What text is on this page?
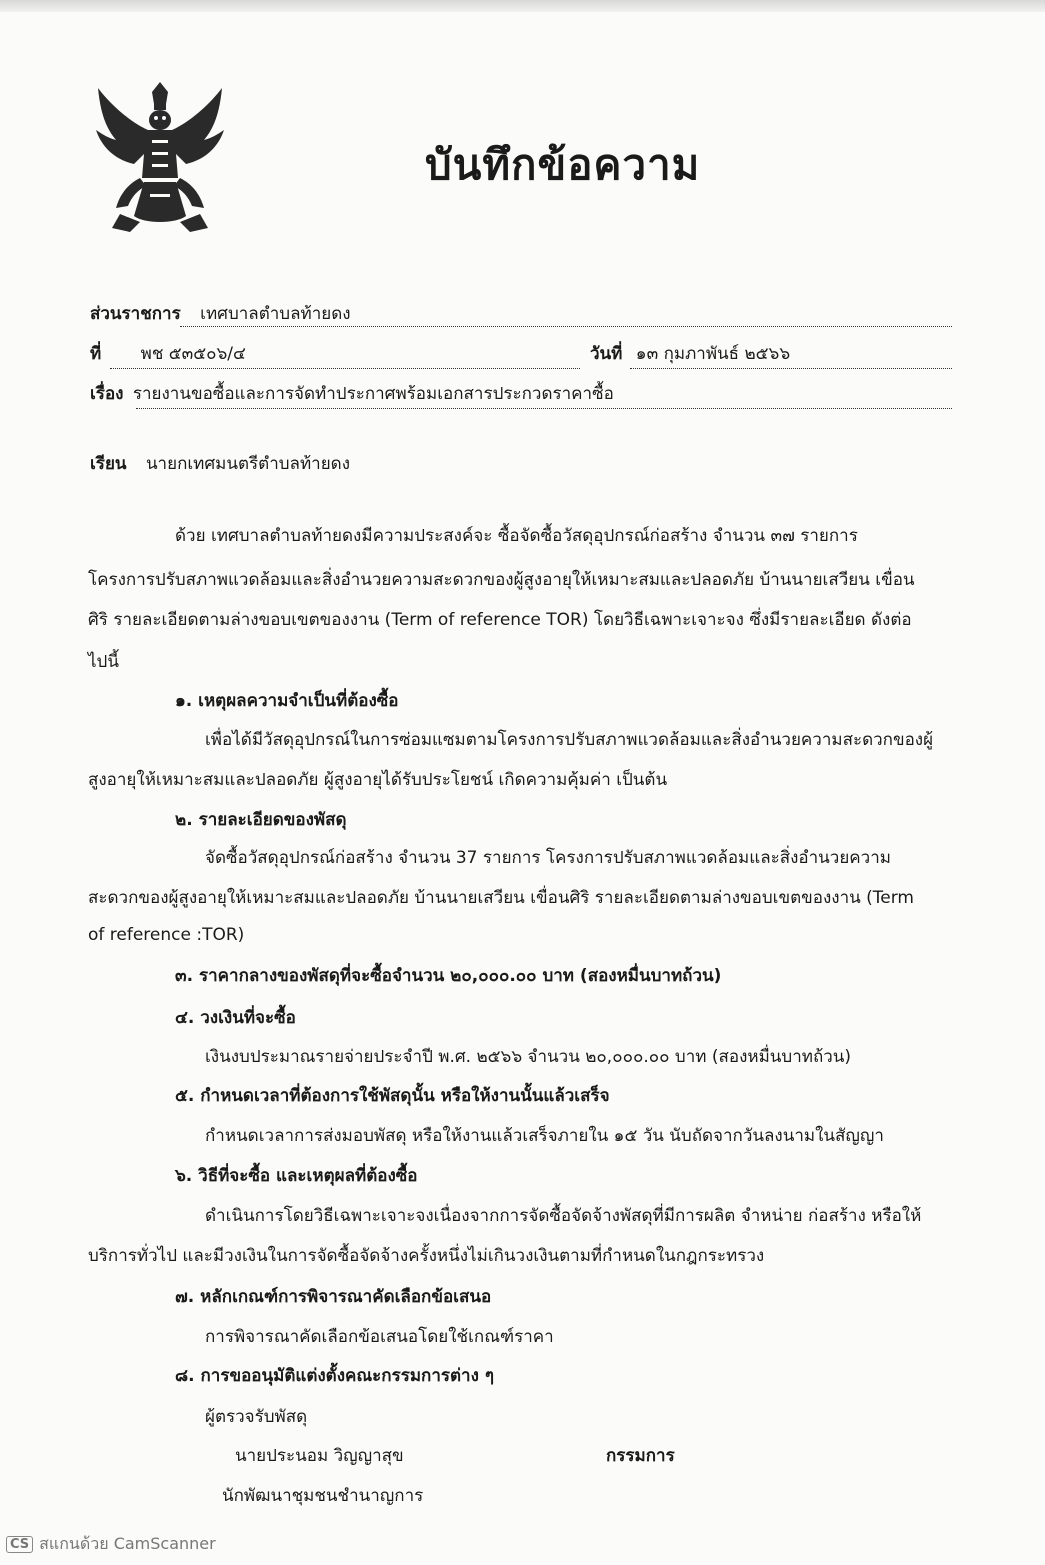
บันทึกข้อความ
ส่วนราชการ เทศบาลตำบลท้ายดง
ที่ พช ๕๓๕๐๖/๔	วันที่ ๑๓ กุมภาพันธ์ ๒๕๖๖
เรื่อง รายงานขอซื้อและการจัดทำประกาศพร้อมเอกสารประกวดราคาซื้อ
เรียน นายกเทศมนตรีตำบลท้ายดง
ด้วย เทศบาลตำบลท้ายดงมีความประสงค์จะ ซื้อจัดซื้อวัสดุอุปกรณ์ก่อสร้าง จำนวน ๓๗ รายการ
โครงการปรับสภาพแวดล้อมและสิ่งอำนวยความสะดวกของผู้สูงอายุให้เหมาะสมและปลอดภัย บ้านนายเสวียน เขื่อน
ศิริ รายละเอียดตามล่างขอบเขตของงาน (Term of reference TOR) โดยวิธีเฉพาะเจาะจง ซึ่งมีรายละเอียด ดังต่อ
ไปนี้
๑. เหตุผลความจำเป็นที่ต้องซื้อ
เพื่อได้มีวัสดุอุปกรณ์ในการซ่อมแซมตามโครงการปรับสภาพแวดล้อมและสิ่งอำนวยความสะดวกของผู้
สูงอายุให้เหมาะสมและปลอดภัย ผู้สูงอายุได้รับประโยชน์ เกิดความคุ้มค่า เป็นต้น
๒. รายละเอียดของพัสดุ
จัดซื้อวัสดุอุปกรณ์ก่อสร้าง จำนวน 37 รายการ โครงการปรับสภาพแวดล้อมและสิ่งอำนวยความ
สะดวกของผู้สูงอายุให้เหมาะสมและปลอดภัย บ้านนายเสวียน เขื่อนศิริ รายละเอียดตามล่างขอบเขตของงาน (Term
of reference :TOR)
๓. ราคากลางของพัสดุที่จะซื้อจำนวน ๒๐,๐๐๐.๐๐ บาท (สองหมื่นบาทถ้วน)
๔. วงเงินที่จะซื้อ
เงินงบประมาณรายจ่ายประจำปี พ.ศ. ๒๕๖๖ จำนวน ๒๐,๐๐๐.๐๐ บาท (สองหมื่นบาทถ้วน)
๕. กำหนดเวลาที่ต้องการใช้พัสดุนั้น หรือให้งานนั้นแล้วเสร็จ
กำหนดเวลาการส่งมอบพัสดุ หรือให้งานแล้วเสร็จภายใน ๑๕ วัน นับถัดจากวันลงนามในสัญญา
๖. วิธีที่จะซื้อ และเหตุผลที่ต้องซื้อ
ดำเนินการโดยวิธีเฉพาะเจาะจงเนื่องจากการจัดซื้อจัดจ้างพัสดุที่มีการผลิต จำหน่าย ก่อสร้าง หรือให้
บริการทั่วไป และมีวงเงินในการจัดซื้อจัดจ้างครั้งหนึ่งไม่เกินวงเงินตามที่กำหนดในกฎกระทรวง
๗. หลักเกณฑ์การพิจารณาคัดเลือกข้อเสนอ
การพิจารณาคัดเลือกข้อเสนอโดยใช้เกณฑ์ราคา
๘. การขออนุมัติแต่งตั้งคณะกรรมการต่าง ๆ
ผู้ตรวจรับพัสดุ
นายประนอม วิญญาสุข	กรรมการ
นักพัฒนาชุมชนชำนาญการ
CS สแกนด้วย CamScanner
